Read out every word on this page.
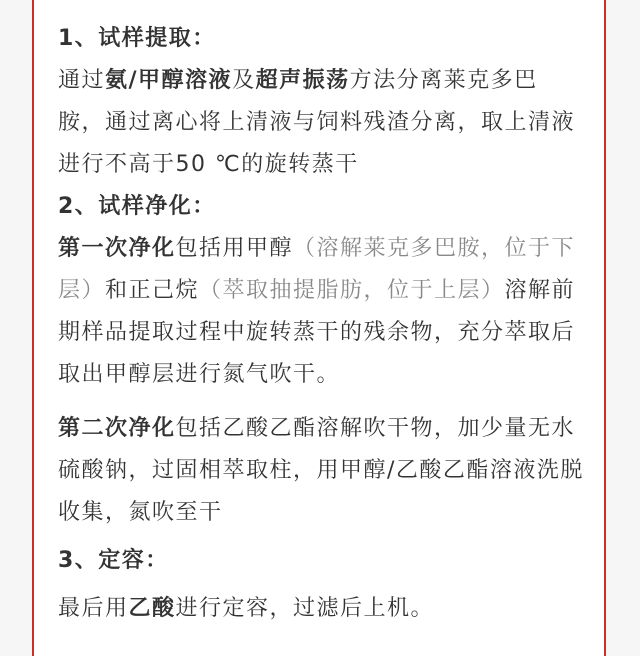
1、试样提取：

通过氨/甲醇溶液及超声振荡方法分离莱克多巴胺，通过离心将上清液与饲料残渣分离，取上清液进行不高于50 ℃的旋转蒸干

2、试样净化：

第一次净化包括用甲醇（溶解莱克多巴胺，位于下层）和正己烷（萃取抽提脂肪，位于上层）溶解前期样品提取过程中旋转蒸干的残余物，充分萃取后取出甲醇层进行氮气吹干。

第二次净化包括乙酸乙酯溶解吹干物，加少量无水硫酸钠，过固相萃取柱，用甲醇/乙酸乙酯溶液洗脱收集，氮吹至干

3、定容：

最后用乙酸进行定容，过滤后上机。
